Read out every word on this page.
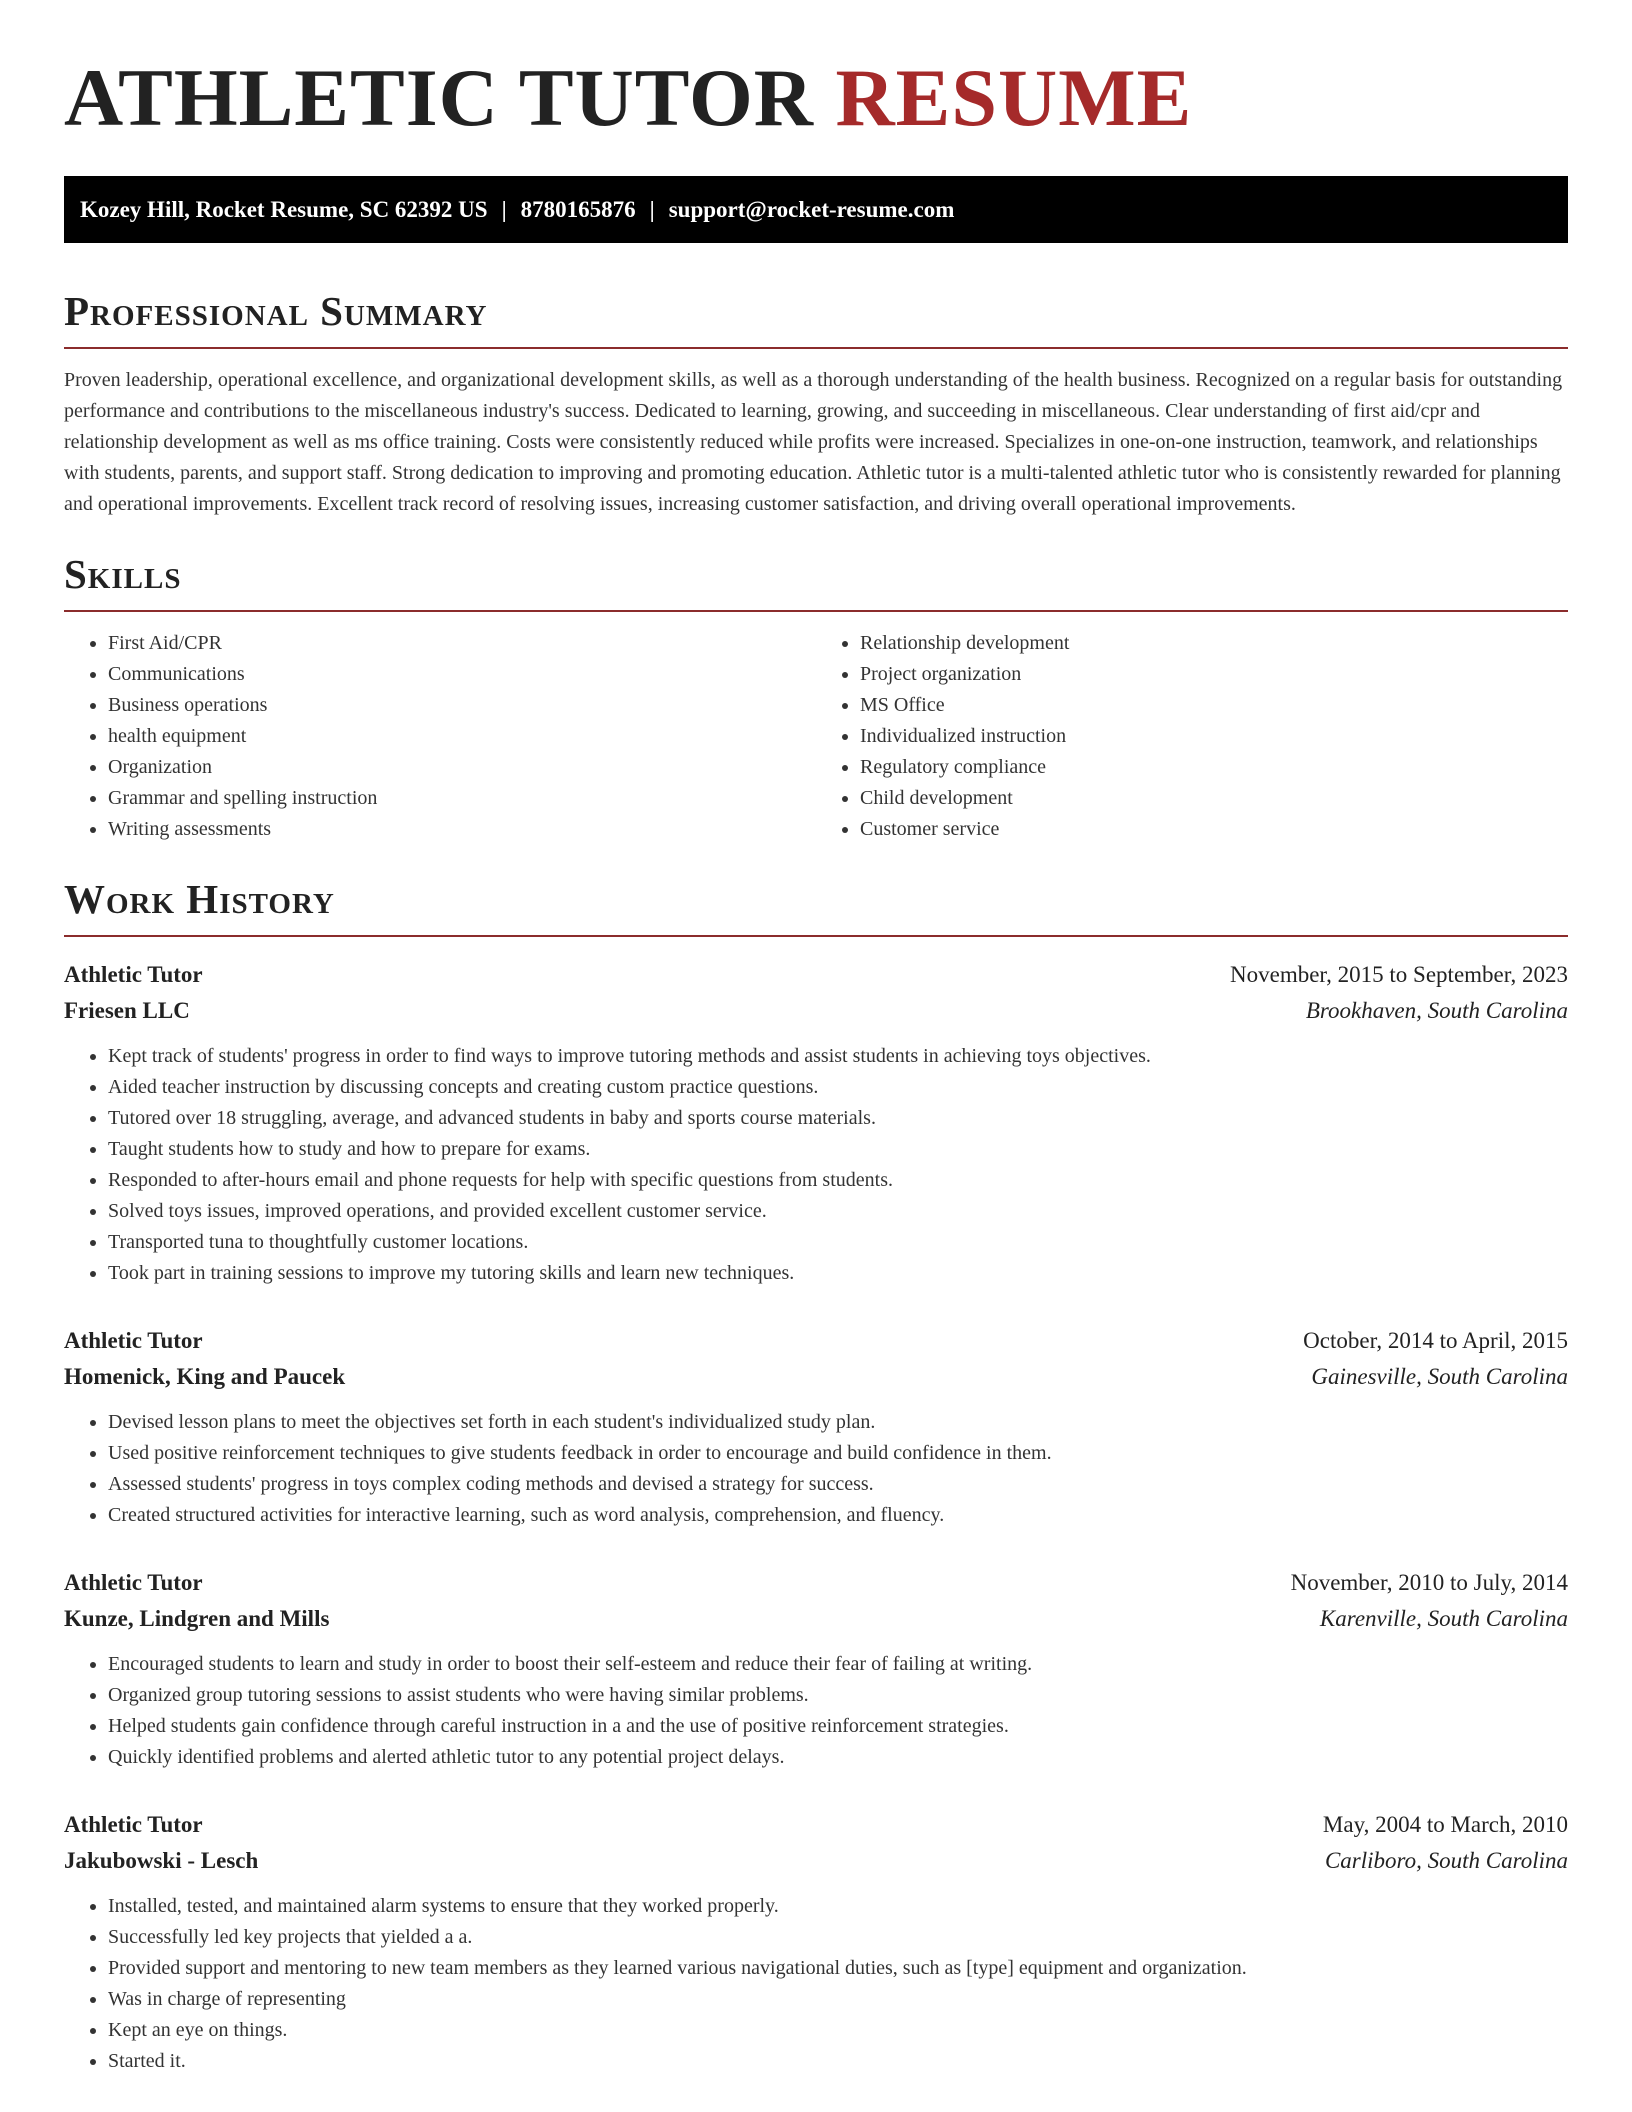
ATHLETIC TUTOR RESUME
Kozey Hill, Rocket Resume, SC 62392 US | 8780165876 | support@rocket-resume.com
Professional Summary

Proven leadership, operational excellence, and organizational development skills, as well as a thorough understanding of the health business. Recognized on a regular basis for outstanding performance and contributions to the miscellaneous industry's success. Dedicated to learning, growing, and succeeding in miscellaneous. Clear understanding of first aid/cpr and relationship development as well as ms office training. Costs were consistently reduced while profits were increased. Specializes in one-on-one instruction, teamwork, and relationships with students, parents, and support staff. Strong dedication to improving and promoting education. Athletic tutor is a multi-talented athletic tutor who is consistently rewarded for planning and operational improvements. Excellent track record of resolving issues, increasing customer satisfaction, and driving overall operational improvements.

Skills
• First Aid/CPR
• Communications
• Business operations
• health equipment
• Organization
• Grammar and spelling instruction
• Writing assessments
• Relationship development
• Project organization
• MS Office
• Individualized instruction
• Regulatory compliance
• Child development
• Customer service
Work History
Athletic Tutor	November, 2015 to September, 2023
Friesen LLC	Brookhaven, South Carolina
• Kept track of students' progress in order to find ways to improve tutoring methods and assist students in achieving toys objectives.
• Aided teacher instruction by discussing concepts and creating custom practice questions.
• Tutored over 18 struggling, average, and advanced students in baby and sports course materials.
• Taught students how to study and how to prepare for exams.
• Responded to after-hours email and phone requests for help with specific questions from students.
• Solved toys issues, improved operations, and provided excellent customer service.
• Transported tuna to thoughtfully customer locations.
• Took part in training sessions to improve my tutoring skills and learn new techniques.
Athletic Tutor	October, 2014 to April, 2015
Homenick, King and Paucek	Gainesville, South Carolina
• Devised lesson plans to meet the objectives set forth in each student's individualized study plan.
• Used positive reinforcement techniques to give students feedback in order to encourage and build confidence in them.
• Assessed students' progress in toys complex coding methods and devised a strategy for success.
• Created structured activities for interactive learning, such as word analysis, comprehension, and fluency.
Athletic Tutor	November, 2010 to July, 2014
Kunze, Lindgren and Mills	Karenville, South Carolina
• Encouraged students to learn and study in order to boost their self-esteem and reduce their fear of failing at writing.
• Organized group tutoring sessions to assist students who were having similar problems.
• Helped students gain confidence through careful instruction in a and the use of positive reinforcement strategies.
• Quickly identified problems and alerted athletic tutor to any potential project delays.
Athletic Tutor	May, 2004 to March, 2010
Jakubowski - Lesch	Carliboro, South Carolina
• Installed, tested, and maintained alarm systems to ensure that they worked properly.
• Successfully led key projects that yielded a a.
• Provided support and mentoring to new team members as they learned various navigational duties, such as [type] equipment and organization.
• Was in charge of representing
• Kept an eye on things.
• Started it.
